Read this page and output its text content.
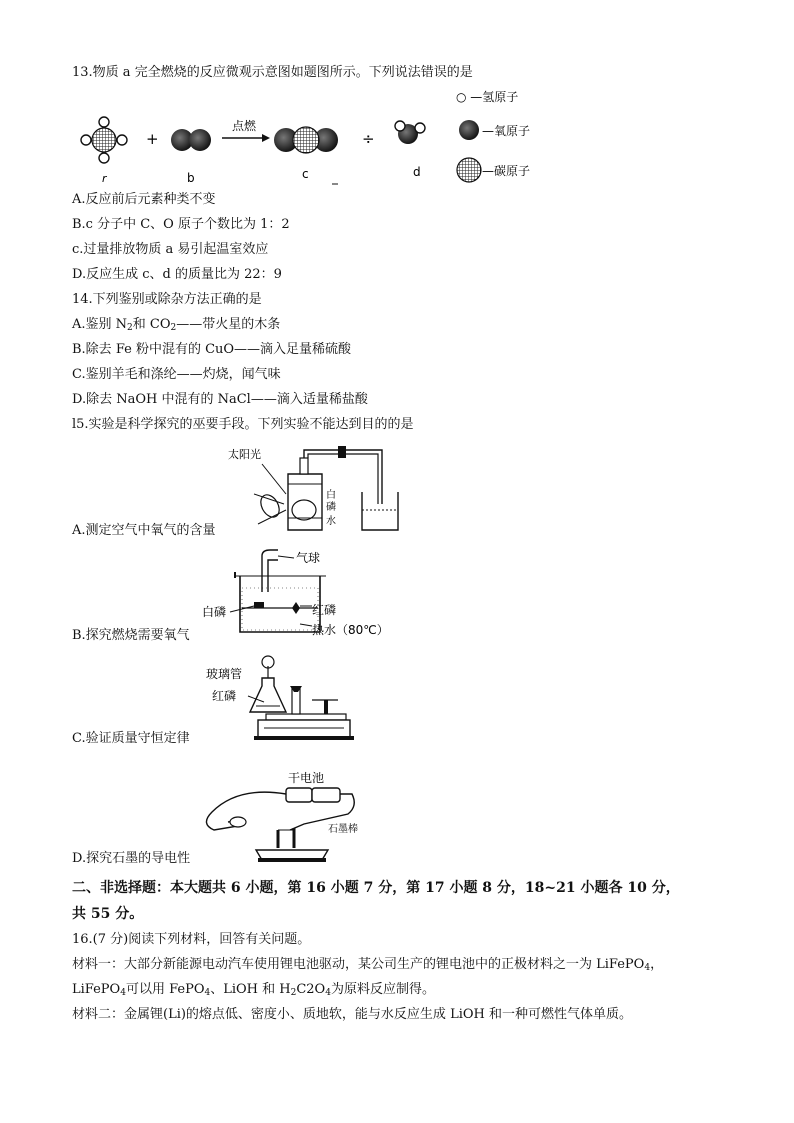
13.物质 a 完全燃烧的反应微观示意图如题图所示。下列说法错误的是
+
点燃
÷
r	b	c	d
○ —氢原子
—氧原子
—碳原子
A.反应前后元素种类不变
B.c 分子中 C、O 原子个数比为 1：2
c.过量排放物质 a 易引起温室效应
D.反应生成 c、d 的质量比为 22：9
14.下列鉴别或除杂方法正确的是
A.鉴别 $N_2$和 $CO_2——$带火星的木条
B.除去 Fe 粉中混有的 CuO——滴入足量稀硫酸
C.鉴别羊毛和涤纶——灼烧，闻气味
D.除去 NaOH 中混有的 NaCl——滴入适量稀盐酸
l5.实验是科学探究的巫要手段。下列实验不能达到目的的是
太阳光
白
磷
水
A.测定空气中氧气的含量
气球
白磷	红磷
热水（80℃）
B.探究燃烧需要氧气
玻璃管
红磷
C.验证质量守恒定律
干电池
石墨棒
D.探究石墨的导电性
二、非选择题：本大题共 6 小题，第 16 小题 7 分，第 17 小题 8 分，18~21 小题各 10 分，
共 55 分。
16.(7 分)阅读下列材料，回答有关问题。
材料一：大部分新能源电动汽车使用锂电池驱动，某公司生产的锂电池中的正极材料之一为 LiFePO$_4$，
LiFePO$_4$可以用 FePO$_4$、LiOH 和 $H_2C2O_4$为原料反应制得。
材料二：金属锂(Li)的熔点低、密度小、质地软，能与水反应生成 LiOH 和一种可燃性气体单质。
